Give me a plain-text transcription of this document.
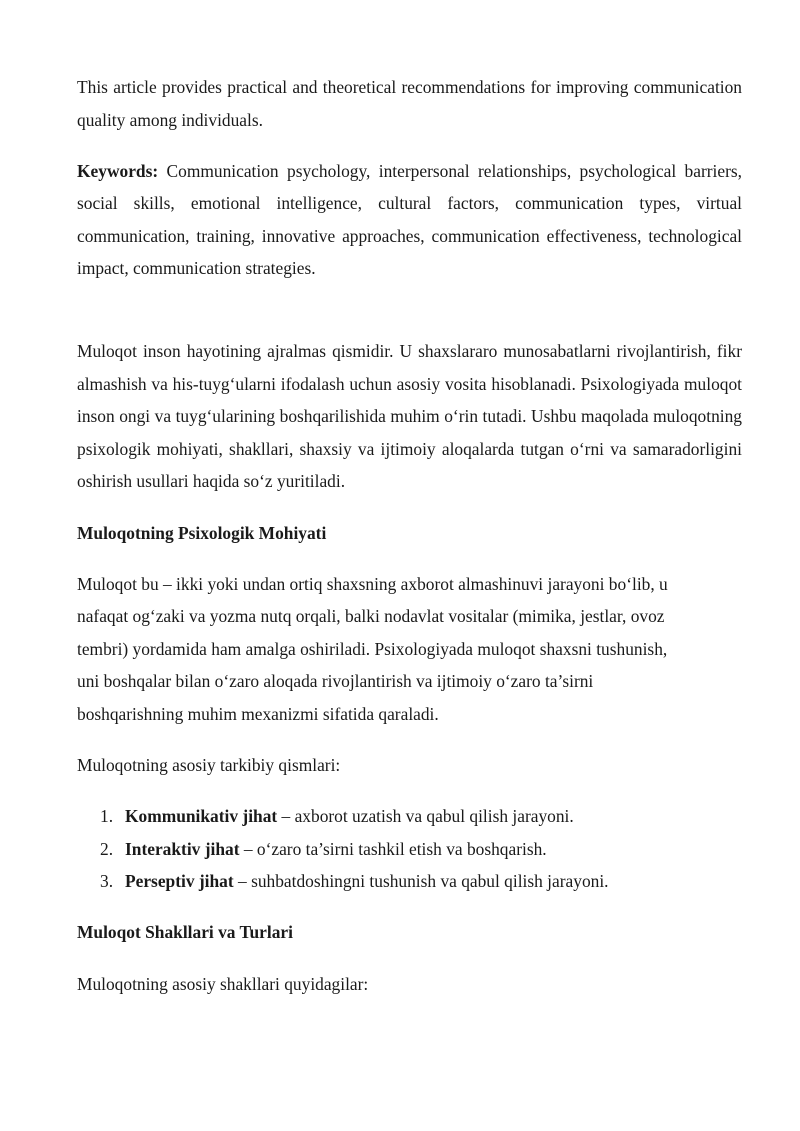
This article provides practical and theoretical recommendations for improving communication quality among individuals.

Keywords: Communication psychology, interpersonal relationships, psychological barriers, social skills, emotional intelligence, cultural factors, communication types, virtual communication, training, innovative approaches, communication effectiveness, technological impact, communication strategies.

Muloqot inson hayotining ajralmas qismidir. U shaxslararo munosabatlarni rivojlantirish, fikr almashish va his-tuyg‘ularni ifodalash uchun asosiy vosita hisoblanadi. Psixologiyada muloqot inson ongi va tuyg‘ularining boshqarilishida muhim o‘rin tutadi. Ushbu maqolada muloqotning psixologik mohiyati, shakllari, shaxsiy va ijtimoiy aloqalarda tutgan o‘rni va samaradorligini oshirish usullari haqida so‘z yuritiladi.

Muloqotning Psixologik Mohiyati

Muloqot bu – ikki yoki undan ortiq shaxsning axborot almashinuvi jarayoni bo‘lib, u

nafaqat og‘zaki va yozma nutq orqali, balki nodavlat vositalar (mimika, jestlar, ovoz

tembri) yordamida ham amalga oshiriladi. Psixologiyada muloqot shaxsni tushunish,

uni boshqalar bilan o‘zaro aloqada rivojlantirish va ijtimoiy o‘zaro ta’sirni

boshqarishning muhim mexanizmi sifatida qaraladi.

Muloqotning asosiy tarkibiy qismlari:

1. Kommunikativ jihat – axborot uzatish va qabul qilish jarayoni.
2. Interaktiv jihat – o‘zaro ta’sirni tashkil etish va boshqarish.
3. Perseptiv jihat – suhbatdoshingni tushunish va qabul qilish jarayoni.

Muloqot Shakllari va Turlari

Muloqotning asosiy shakllari quyidagilar:
